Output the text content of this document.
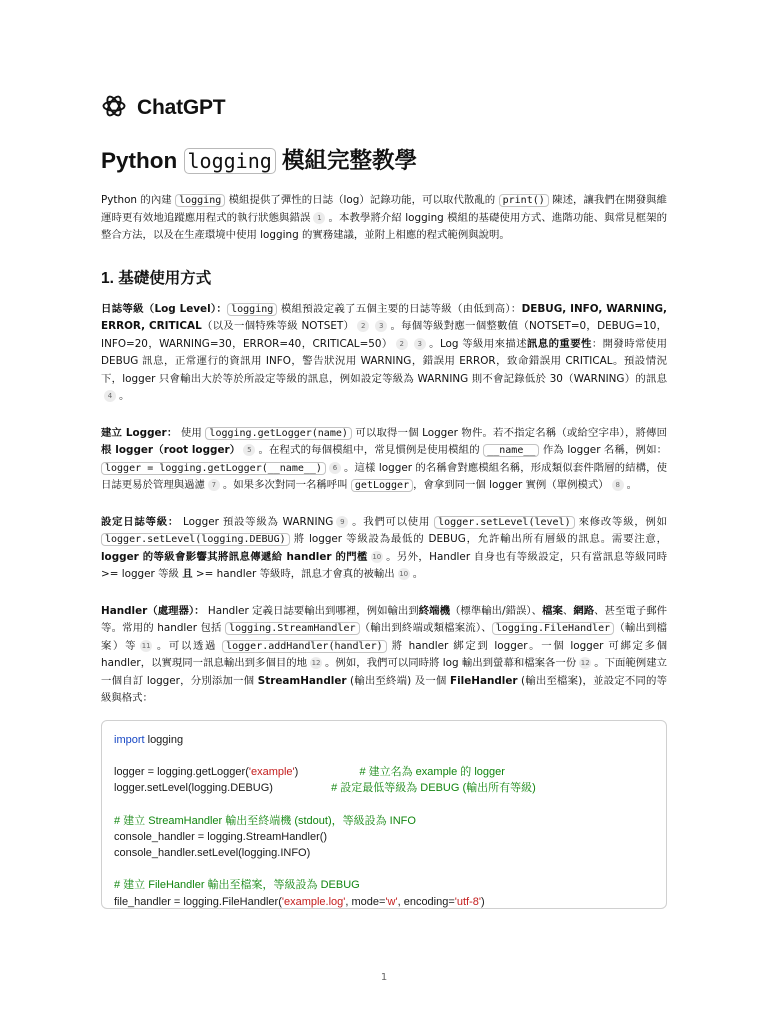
ChatGPT
Python logging 模組完整教學

Python 的內建 logging 模組提供了彈性的日誌（log）記錄功能，可以取代散亂的 print() 陳述，讓我們在開發與維運時更有效地追蹤應用程式的執行狀態與錯誤 1 。本教學將介紹 logging 模組的基礎使用方式、進階功能、與常見框架的整合方法，以及在生產環境中使用 logging 的實務建議，並附上相應的程式範例與說明。

1. 基礎使用方式

日誌等級（Log Level）： logging 模組預設定義了五個主要的日誌等級（由低到高）：DEBUG, INFO, WARNING, ERROR, CRITICAL（以及一個特殊等級 NOTSET） 2 3 。每個等級對應一個整數值（NOTSET=0，DEBUG=10，INFO=20，WARNING=30，ERROR=40，CRITICAL=50） 2 3 。Log 等級用來描述訊息的重要性：開發時常使用 DEBUG 訊息，正常運行的資訊用 INFO，警告狀況用 WARNING，錯誤用 ERROR，致命錯誤用 CRITICAL。預設情況下，logger 只會輸出大於等於所設定等級的訊息，例如設定等級為 WARNING 則不會記錄低於 30（WARNING）的訊息4 。

建立 Logger： 使用 logging.getLogger(name) 可以取得一個 Logger 物件。若不指定名稱（或給空字串），將傳回根 logger（root logger） 5 。在程式的每個模組中，常見慣例是使用模組的 __name__ 作為 logger 名稱，例如：logger = logging.getLogger(__name__) 6 。這樣 logger 的名稱會對應模組名稱，形成類似套件階層的結構，使日誌更易於管理與過濾 7 。如果多次對同一名稱呼叫 getLogger ，會拿到同一個 logger 實例（單例模式） 8 。

設定日誌等級： Logger 預設等級為 WARNING 9 。我們可以使用 logger.setLevel(level) 來修改等級，例如 logger.setLevel(logging.DEBUG) 將 logger 等級設為最低的 DEBUG，允許輸出所有層級的訊息。需要注意，logger 的等級會影響其將訊息傳遞給 handler 的門檻 10 。另外，Handler 自身也有等級設定，只有當訊息等級同時>= logger 等級 且 >= handler 等級時，訊息才會真的被輸出 10 。

Handler（處理器）： Handler 定義日誌要輸出到哪裡，例如輸出到終端機（標準輸出/錯誤）、檔案、網路、甚至電子郵件等。常用的 handler 包括 logging.StreamHandler （輸出到終端或類檔案流）、 logging.FileHandler （輸出到檔案）等 11 。可以透過 logger.addHandler(handler) 將 handler 綁定到 logger。一個 logger 可綁定多個 handler，以實現同一訊息輸出到多個目的地 12 。例如，我們可以同時將 log 輸出到螢幕和檔案各一份 12 。下面範例建立一個自訂 logger，分別添加一個 StreamHandler (輸出至終端) 及一個 FileHandler (輸出至檔案)，並設定不同的等級與格式：

import logging

logger = logging.getLogger('example')	# 建立名為 example 的 logger
logger.setLevel(logging.DEBUG)	# 設定最低等級為 DEBUG (輸出所有等級)

# 建立 StreamHandler 輸出至終端機 (stdout)，等級設為 INFO
console_handler = logging.StreamHandler()
console_handler.setLevel(logging.INFO)

# 建立 FileHandler 輸出至檔案，等級設為 DEBUG
file_handler = logging.FileHandler('example.log', mode='w', encoding='utf-8')
1
